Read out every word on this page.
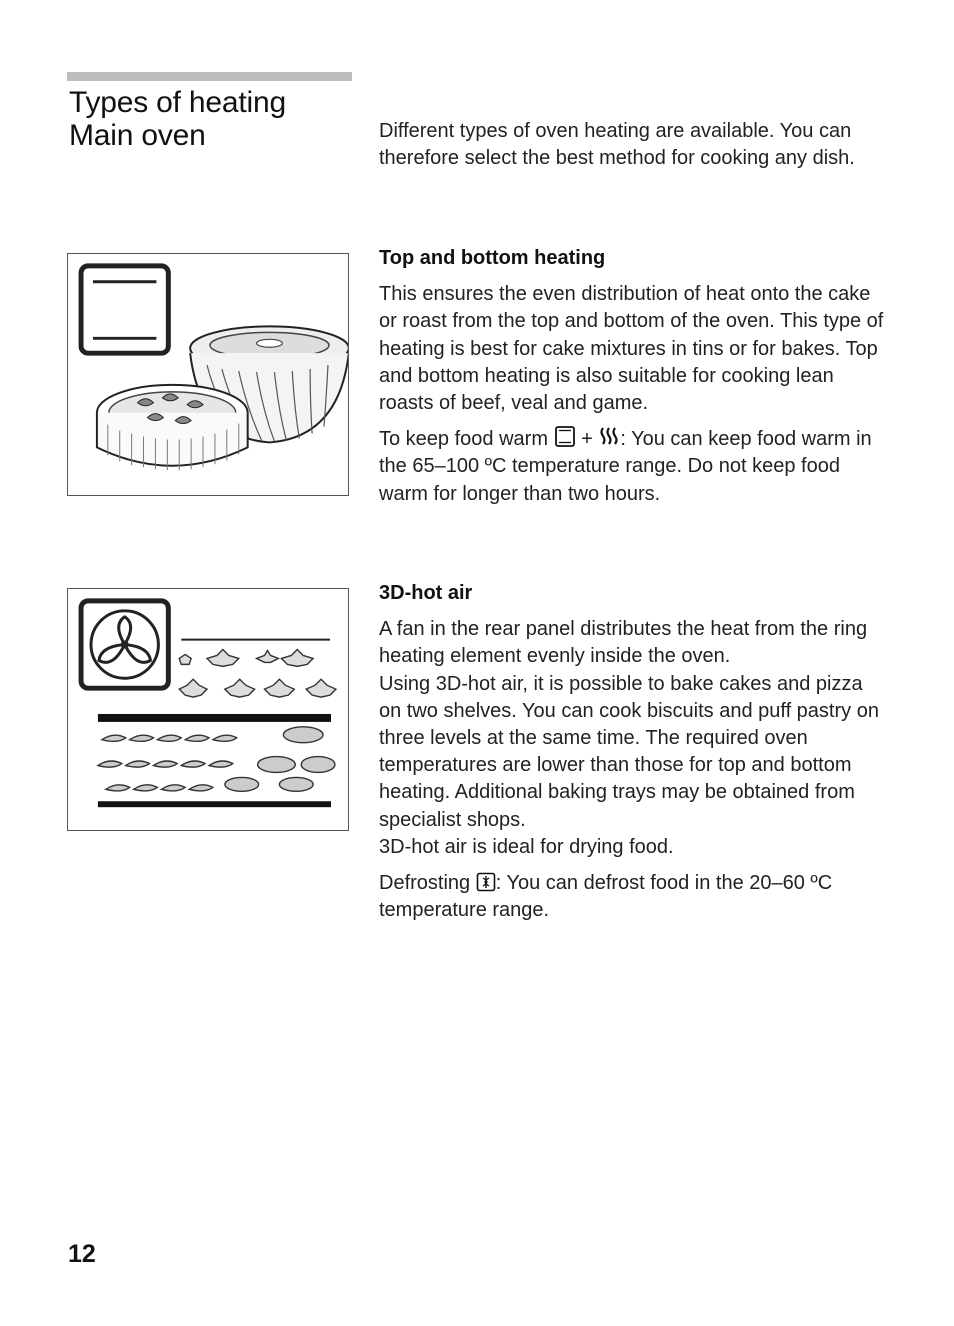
Types of heating
Main oven	Different types of oven heating are available. You can therefore select the best method for cooking any dish.

Top and bottom heating

This ensures the even distribution of heat onto the cake or roast from the top and bottom of the oven. This type of heating is best for cake mixtures in tins or for bakes. Top and bottom heating is also suitable for cooking lean roasts of beef, veal and game.

To keep food warm + : You can keep food warm in the 65–100 ºC temperature range. Do not keep food warm for longer than two hours.

3D-hot air

A fan in the rear panel distributes the heat from the ring heating element evenly inside the oven.

Using 3D-hot air, it is possible to bake cakes and pizza on two shelves. You can cook biscuits and puff pastry on three levels at the same time. The required oven temperatures are lower than those for top and bottom heating. Additional baking trays may be obtained from specialist shops.

3D-hot air is ideal for drying food.

Defrosting : You can defrost food in the 20–60 ºC temperature range.

12
